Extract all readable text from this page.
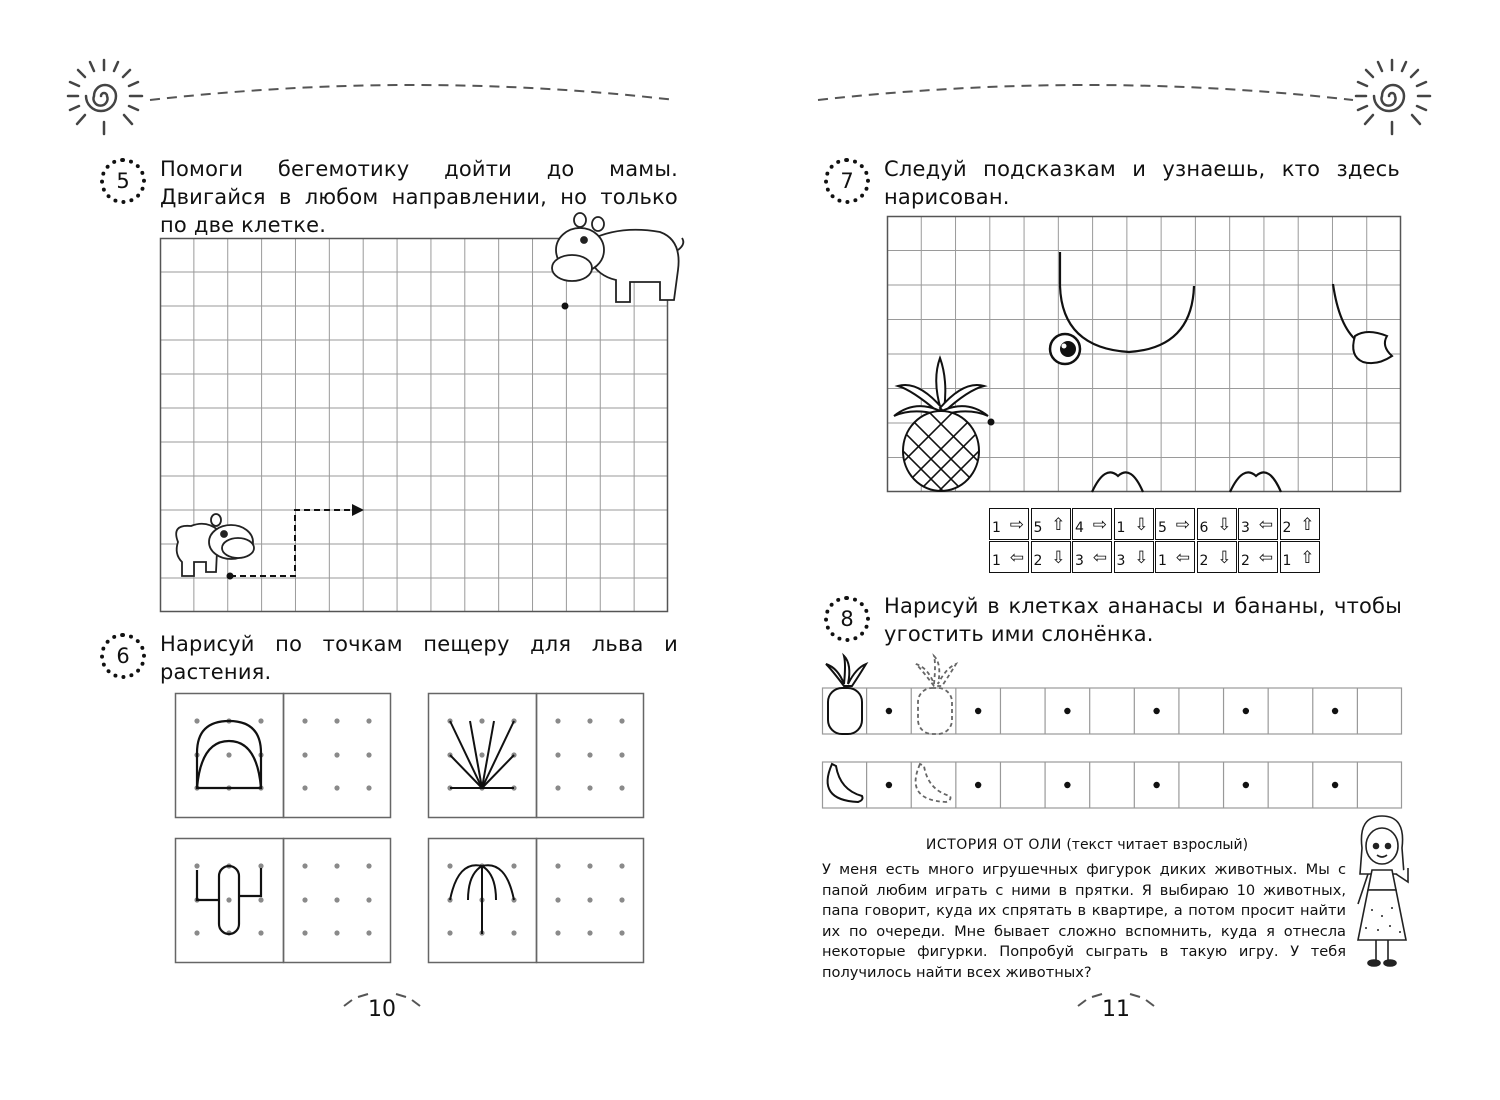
5	Помоги бегемотику дойти до мамы. Двигайся в любом направлении, но только по две клетке.
6	Нарисуй по точкам пещеру для льва и растения.
10
7	Следуй подсказкам и узнаешь, кто здесь нарисован.
1 ⇨ 5 ⇧ 4 ⇨ 1 ⇩ 5 ⇨ 6 ⇩ 3 ⇦ 2 ⇧
1 ⇦ 2 ⇩ 3 ⇦ 3 ⇩ 1 ⇦ 2 ⇩ 2 ⇦ 1 ⇧
8
Нарисуй в клетках ананасы и бананы, чтобы угостить ими слонёнка.
ИСТОРИЯ ОТ ОЛИ (текст читает взрослый)
У меня есть много игрушечных фигурок диких животных. Мы с папой любим играть с ними в прятки. Я выбираю 10 животных, папа говорит, куда их спрятать в квартире, а потом просит найти их по очереди. Мне бывает сложно вспомнить, куда я отнесла некоторые фигурки. Попробуй сыграть в такую игру. У тебя получилось найти всех животных?
11
